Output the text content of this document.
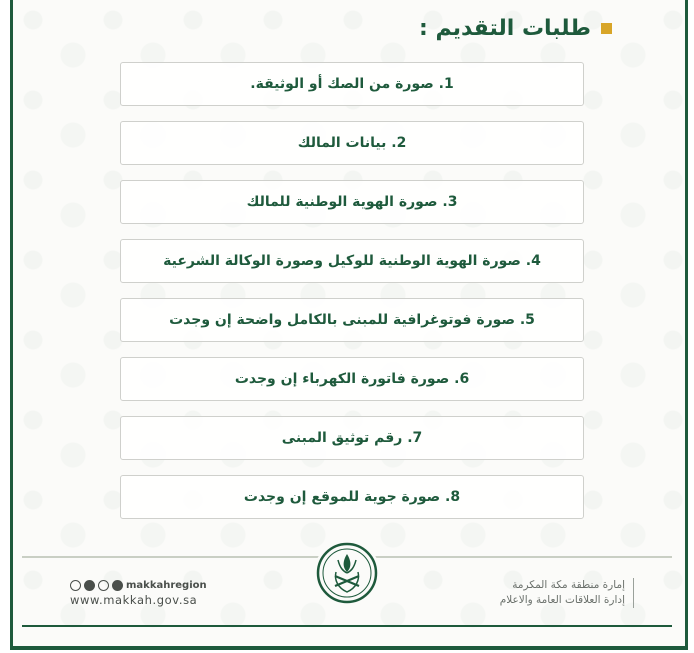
طلبات التقديم :
1. صورة من الصك أو الوثيقة.
2. بيانات المالك
3. صورة الهوية الوطنية للمالك
4. صورة الهوية الوطنية للوكيل وصورة الوكالة الشرعية
5. صورة فوتوغرافية للمبنى بالكامل واضحة إن وجدت
6. صورة فاتورة الكهرباء إن وجدت
7. رقم توثيق المبنى
8. صورة جوية للموقع إن وجدت
makkahregion
www.makkah.gov.sa
إمارة منطقة مكة المكرمة
إدارة العلاقات العامة والاعلام
